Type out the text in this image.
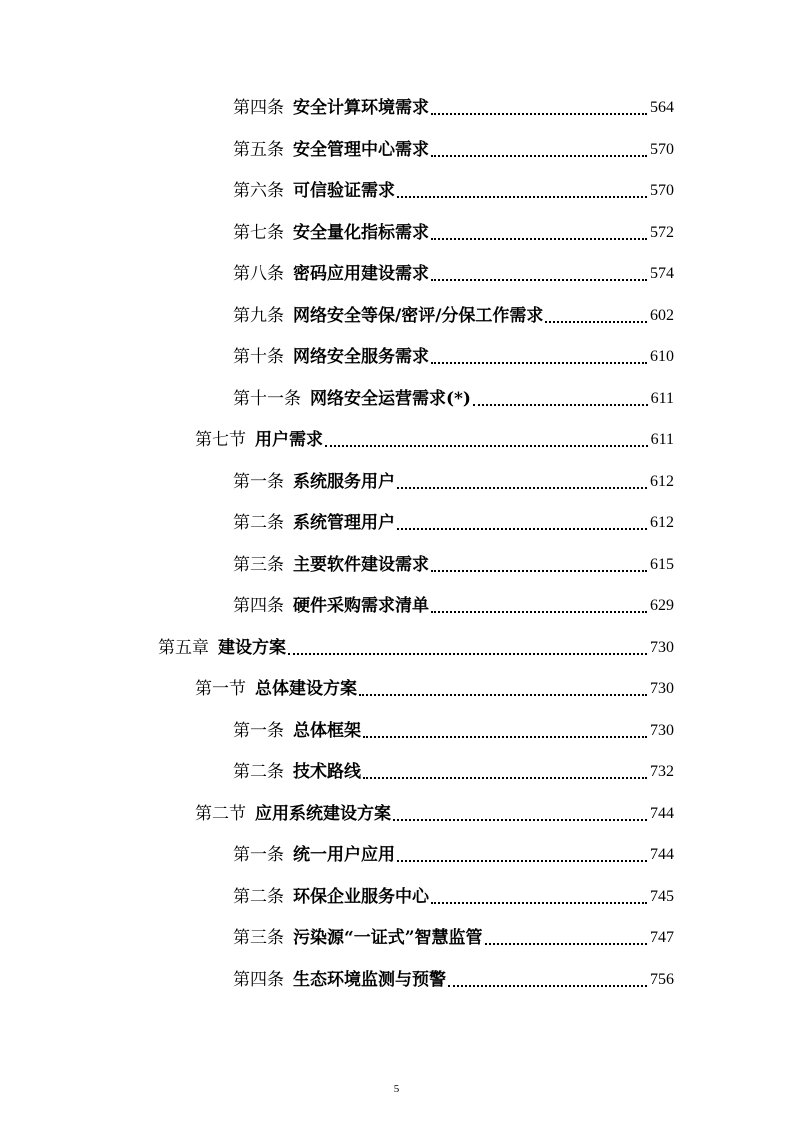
第四条 安全计算环境需求	564
第五条 安全管理中心需求	570
第六条 可信验证需求	570
第七条 安全量化指标需求	572
第八条 密码应用建设需求	574
第九条 网络安全等保/密评/分保工作需求	602
第十条 网络安全服务需求	610
第十一条 网络安全运营需求(*)	611
第七节 用户需求	611
第一条 系统服务用户	612
第二条 系统管理用户	612
第三条 主要软件建设需求	615
第四条 硬件采购需求清单	629
第五章 建设方案	730
第一节 总体建设方案	730
第一条 总体框架	730
第二条 技术路线	732
第二节 应用系统建设方案	744
第一条 统一用户应用	744
第二条 环保企业服务中心	745
第三条 污染源“一证式”智慧监管	747
第四条 生态环境监测与预警	756
5
